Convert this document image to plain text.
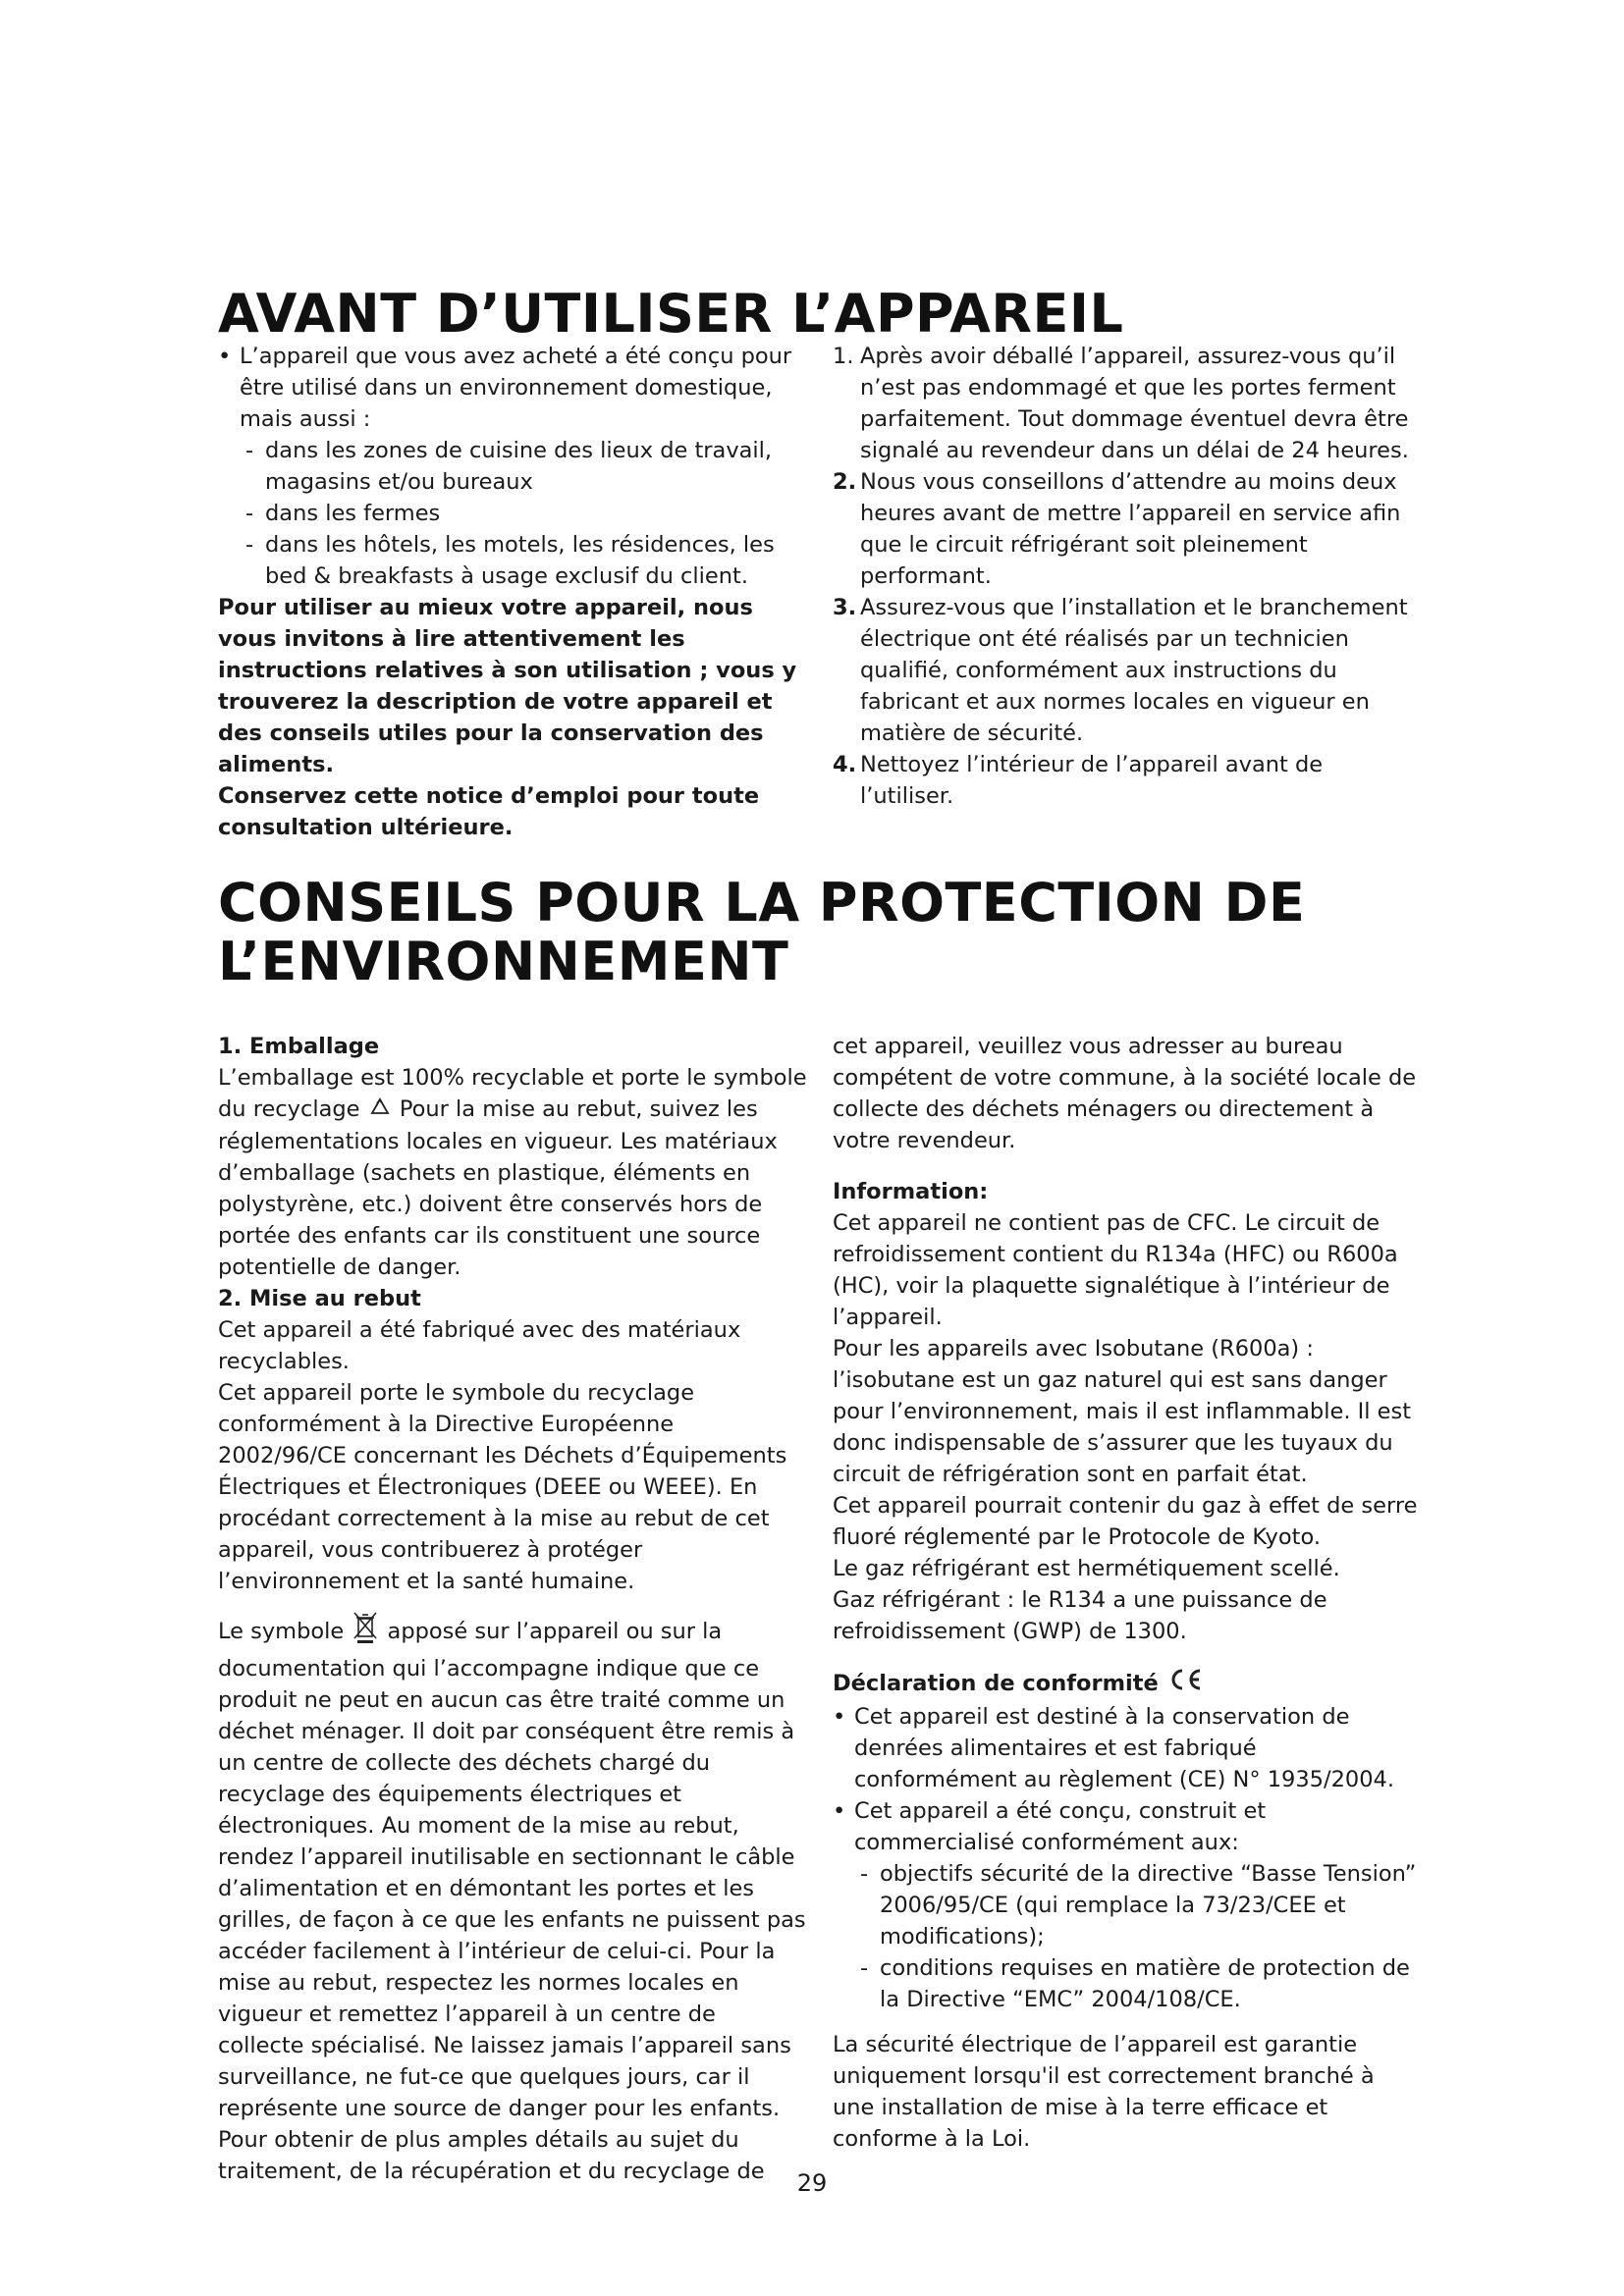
AVANT D’UTILISER L’APPAREIL

• L’appareil que vous avez acheté a été conçu pour être utilisé dans un environnement domestique, mais aussi :

- dans les zones de cuisine des lieux de travail, magasins et/ou bureaux

- dans les fermes

- dans les hôtels, les motels, les résidences, les bed & breakfasts à usage exclusif du client.

Pour utiliser au mieux votre appareil, nous vous invitons à lire attentivement les instructions relatives à son utilisation ; vous y trouverez la description de votre appareil et des conseils utiles pour la conservation des aliments.

Conservez cette notice d’emploi pour toute consultation ultérieure.

1. Après avoir déballé l’appareil, assurez-vous qu’il n’est pas endommagé et que les portes ferment parfaitement. Tout dommage éventuel devra être signalé au revendeur dans un délai de 24 heures.

2. Nous vous conseillons d’attendre au moins deux heures avant de mettre l’appareil en service afin que le circuit réfrigérant soit pleinement performant.

3. Assurez-vous que l’installation et le branchement électrique ont été réalisés par un technicien qualifié, conformément aux instructions du fabricant et aux normes locales en vigueur en matière de sécurité.

4. Nettoyez l’intérieur de l’appareil avant de l’utiliser.

CONSEILS POUR LA PROTECTION DE L’ENVIRONNEMENT

1. Emballage

L’emballage est 100% recyclable et porte le symbole du recyclage Pour la mise au rebut, suivez les réglementations locales en vigueur. Les matériaux d’emballage (sachets en plastique, éléments en polystyrène, etc.) doivent être conservés hors de portée des enfants car ils constituent une source potentielle de danger.

2. Mise au rebut

Cet appareil a été fabriqué avec des matériaux recyclables.

Cet appareil porte le symbole du recyclage conformément à la Directive Européenne 2002/96/CE concernant les Déchets d’Équipements Électriques et Électroniques (DEEE ou WEEE). En procédant correctement à la mise au rebut de cet appareil, vous contribuerez à protéger l’environnement et la santé humaine.

Le symbole apposé sur l’appareil ou sur la documentation qui l’accompagne indique que ce produit ne peut en aucun cas être traité comme un déchet ménager. Il doit par conséquent être remis à un centre de collecte des déchets chargé du recyclage des équipements électriques et électroniques. Au moment de la mise au rebut, rendez l’appareil inutilisable en sectionnant le câble d’alimentation et en démontant les portes et les grilles, de façon à ce que les enfants ne puissent pas accéder facilement à l’intérieur de celui-ci. Pour la mise au rebut, respectez les normes locales en vigueur et remettez l’appareil à un centre de collecte spécialisé. Ne laissez jamais l’appareil sans surveillance, ne fut-ce que quelques jours, car il représente une source de danger pour les enfants. Pour obtenir de plus amples détails au sujet du traitement, de la récupération et du recyclage de

cet appareil, veuillez vous adresser au bureau compétent de votre commune, à la société locale de collecte des déchets ménagers ou directement à votre revendeur.

Information:

Cet appareil ne contient pas de CFC. Le circuit de refroidissement contient du R134a (HFC) ou R600a (HC), voir la plaquette signalétique à l’intérieur de l’appareil.

Pour les appareils avec Isobutane (R600a) : l’isobutane est un gaz naturel qui est sans danger pour l’environnement, mais il est inflammable. Il est donc indispensable de s’assurer que les tuyaux du circuit de réfrigération sont en parfait état.

Cet appareil pourrait contenir du gaz à effet de serre fluoré réglementé par le Protocole de Kyoto.

Le gaz réfrigérant est hermétiquement scellé.

Gaz réfrigérant : le R134 a une puissance de refroidissement (GWP) de 1300.

Déclaration de conformité

• Cet appareil est destiné à la conservation de denrées alimentaires et est fabriqué conformément au règlement (CE) N° 1935/2004.

• Cet appareil a été conçu, construit et commercialisé conformément aux:

- objectifs sécurité de la directive “Basse Tension” 2006/95/CE (qui remplace la 73/23/CEE et modifications);

- conditions requises en matière de protection de la Directive “EMC” 2004/108/CE.

La sécurité électrique de l’appareil est garantie uniquement lorsqu'il est correctement branché à une installation de mise à la terre efficace et conforme à la Loi.

29
